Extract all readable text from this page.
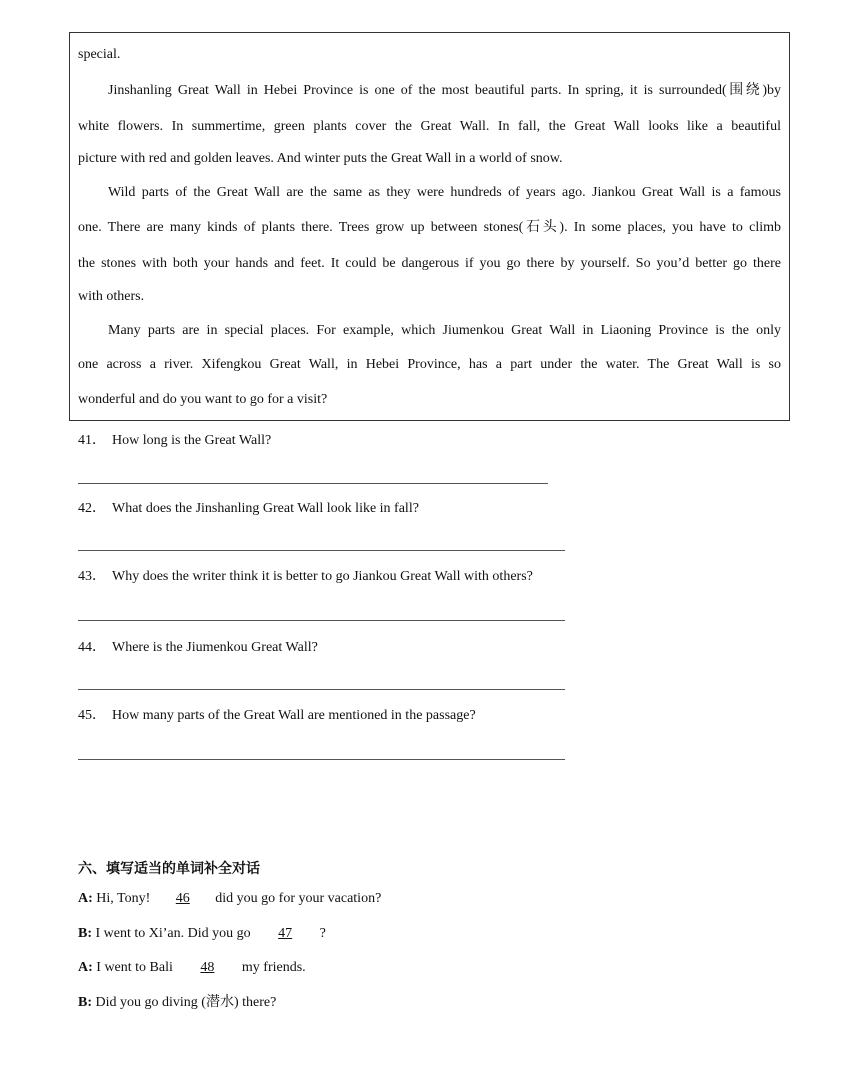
special.
Jinshanling Great Wall in Hebei Province is one of the most beautiful parts. In spring, it is surrounded(围绕)by
white flowers. In summertime, green plants cover the Great Wall. In fall, the Great Wall looks like a beautiful
picture with red and golden leaves. And winter puts the Great Wall in a world of snow.
Wild parts of the Great Wall are the same as they were hundreds of years ago. Jiankou Great Wall is a famous
one. There are many kinds of plants there. Trees grow up between stones(石头). In some places, you have to climb
the stones with both your hands and feet. It could be dangerous if you go there by yourself. So you’d better go there
with others.
Many parts are in special places. For example, which Jiumenkou Great Wall in Liaoning Province is the only
one across a river. Xifengkou Great Wall, in Hebei Province, has a part under the water. The Great Wall is so
wonderful and do you want to go for a visit?
41． How long is the Great Wall?
42． What does the Jinshanling Great Wall look like in fall?
43． Why does the writer think it is better to go Jiankou Great Wall with others?
44． Where is the Jiumenkou Great Wall?
45． How many parts of the Great Wall are mentioned in the passage?
六、填写适当的单词补全对话
A: Hi, Tony! 46 did you go for your vacation?
B: I went to Xi’an. Did you go 47 ?
A: I went to Bali 48 my friends.
B: Did you go diving (潜水) there?
